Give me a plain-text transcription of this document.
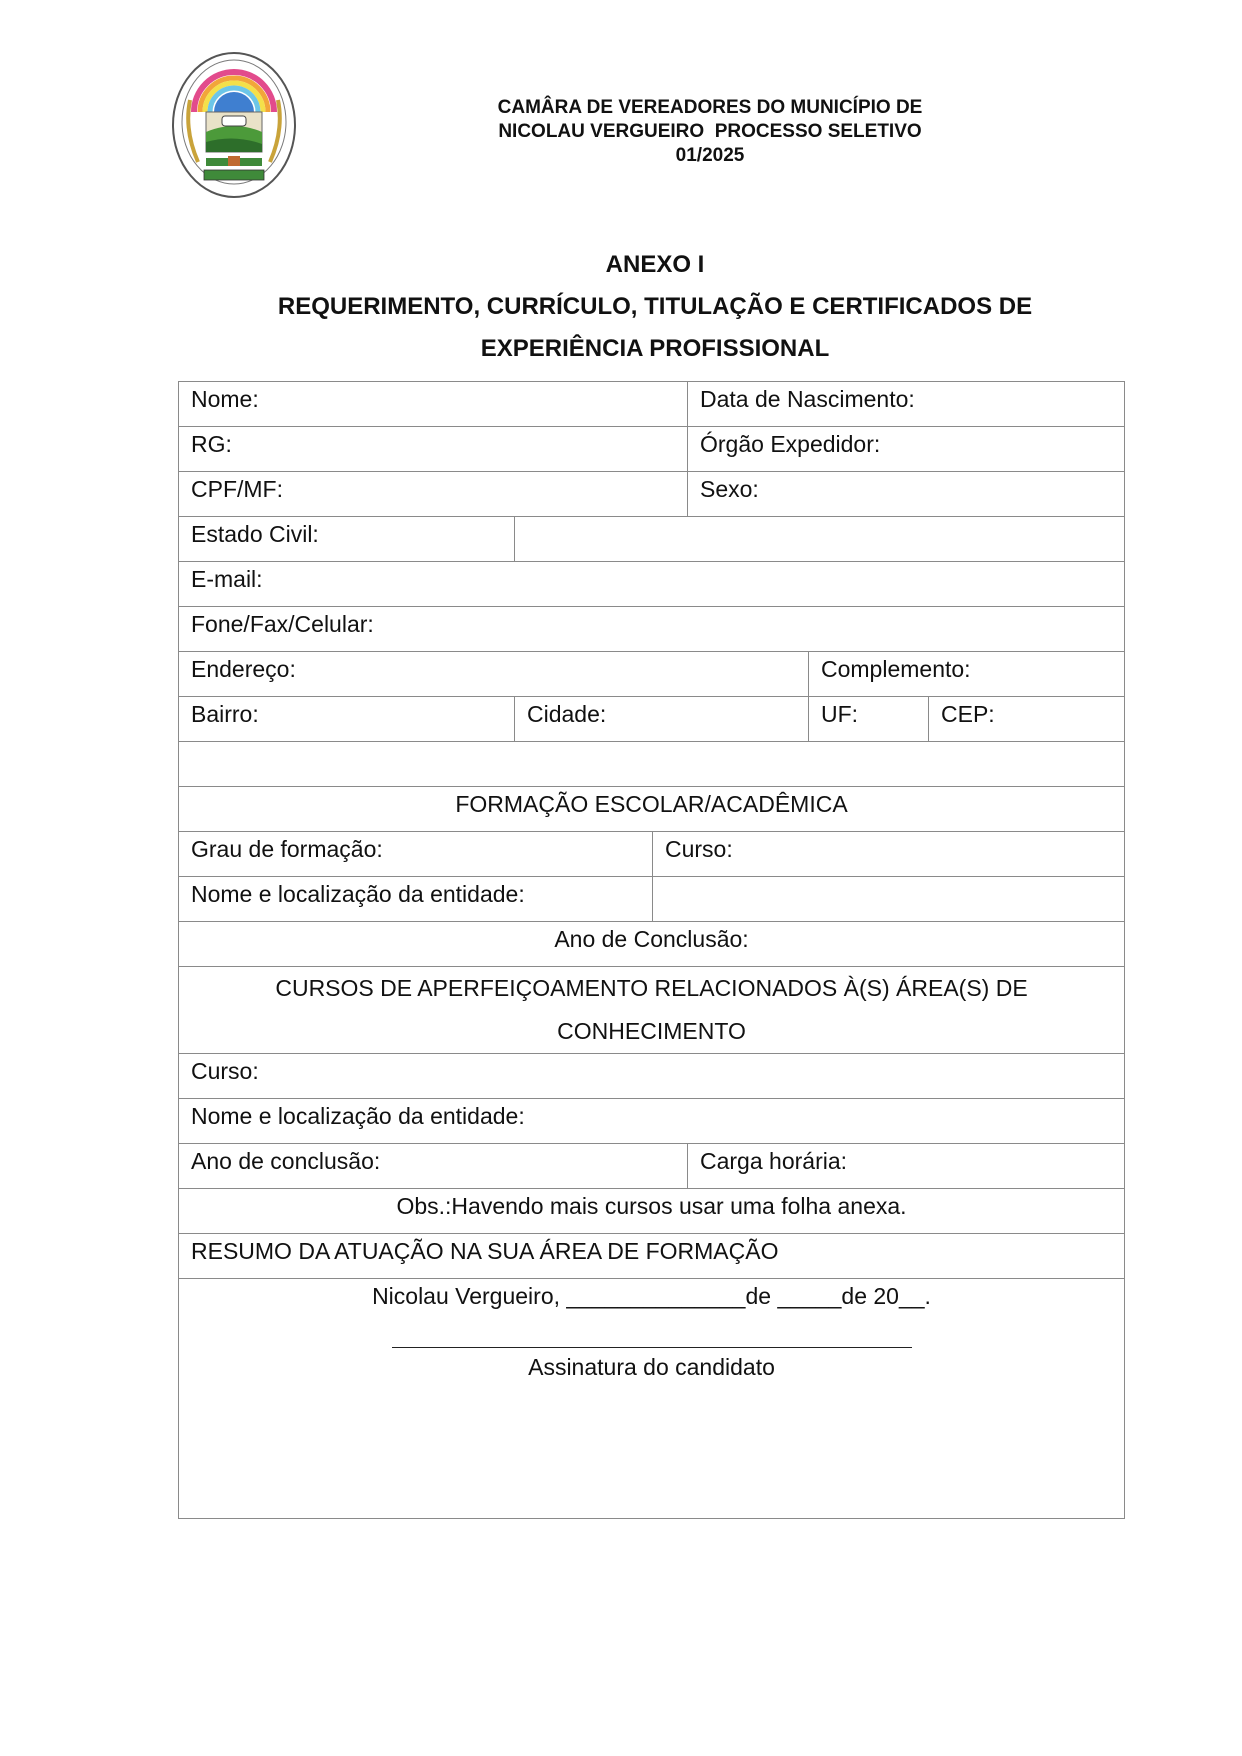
CAMÂRA DE VEREADORES DO MUNICÍPIO DE
NICOLAU VERGUEIRO  PROCESSO SELETIVO
01/2025
ANEXO I
REQUERIMENTO, CURRÍCULO, TITULAÇÃO E CERTIFICADOS DE
EXPERIÊNCIA PROFISSIONAL
Nome:			Data de Nascimento:		
RG:			Órgão Expedidor:		
CPF/MF:			Sexo:		
Estado Civil:					
E-mail:					
Fone/Fax/Celular:					
Endereço:				Complemento:	
Bairro:	Cidade:			UF:	CEP:

FORMAÇÃO ESCOLAR/ACADÊMICA					
Grau de formação:		Curso:			
Nome e localização da entidade:					
Ano de Conclusão:					
CURSOS DE APERFEIÇOAMENTO RELACIONADOS À(S) ÁREA(S) DE CONHECIMENTO					
Curso:					
Nome e localização da entidade:					
Ano de conclusão:			Carga horária:		
Obs.:Havendo mais cursos usar uma folha anexa.					
RESUMO DA ATUAÇÃO NA SUA ÁREA DE FORMAÇÃO					

Nicolau Vergueiro, ______________de _____de 20__.
Assinatura do candidato					
